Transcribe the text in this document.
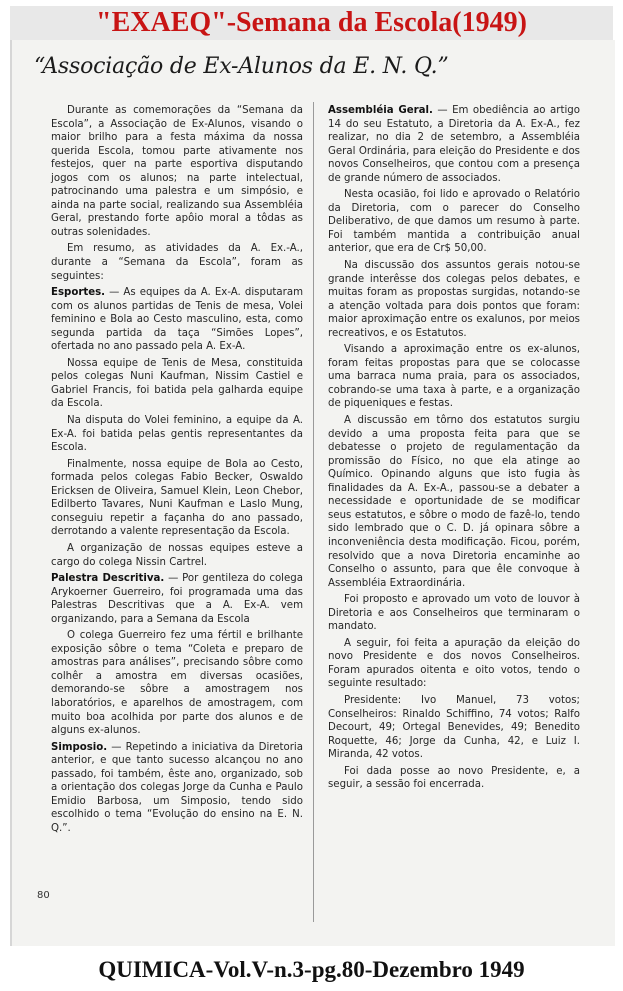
"EXAEQ"-Semana da Escola(1949)
“Associação de Ex-Alunos da E. N. Q.”

Durante as comemorações da “Semana da Escola”, a Associação de Ex-Alunos, visando o maior brilho para a festa máxima da nossa querida Escola, tomou parte ativamente nos festejos, quer na parte esportiva disputando jogos com os alunos; na parte intelectual, patrocinando uma palestra e um simpósio, e ainda na parte social, realizando sua Assembléia Geral, prestando forte apôio moral a tôdas as outras solenidades.

Em resumo, as atividades da A. Ex.-A., durante a “Semana da Escola”, foram as seguintes:

Esportes. — As equipes da A. Ex-A. disputaram com os alunos partidas de Tenis de mesa, Volei feminino e Bola ao Cesto masculino, esta, como segunda partida da taça “Simões Lopes”, ofertada no ano passado pela A. Ex-A.

Nossa equipe de Tenis de Mesa, constituida pelos colegas Nuni Kaufman, Nissim Castiel e Gabriel Francis, foi batida pela galharda equipe da Escola.

Na disputa do Volei feminino, a equipe da A. Ex-A. foi batida pelas gentis representantes da Escola.

Finalmente, nossa equipe de Bola ao Cesto, formada pelos colegas Fabio Becker, Oswaldo Ericksen de Oliveira, Samuel Klein, Leon Chebor, Edilberto Tavares, Nuni Kaufman e Laslo Mung, conseguiu repetir a façanha do ano passado, derrotando a valente representação da Escola.

A organização de nossas equipes esteve a cargo do colega Nissin Cartrel.

Palestra Descritiva. — Por gentileza do colega Arykoerner Guerreiro, foi programada uma das Palestras Descritivas que a A. Ex-A. vem organizando, para a Semana da Escola

O colega Guerreiro fez uma fértil e brilhante exposição sôbre o tema “Coleta e preparo de amostras para análises”, precisando sôbre como colhêr a amostra em diversas ocasiões, demorando-se sôbre a amostragem nos laboratórios, e aparelhos de amostragem, com muito boa acolhida por parte dos alunos e de alguns ex-alunos.

Simposio. — Repetindo a iniciativa da Diretoria anterior, e que tanto sucesso alcançou no ano passado, foi também, êste ano, organizado, sob a orientação dos colegas Jorge da Cunha e Paulo Emidio Barbosa, um Simposio, tendo sido escolhido o tema “Evolução do ensino na E. N. Q.”.

Assembléia Geral. — Em obediência ao artigo 14 do seu Estatuto, a Diretoria da A. Ex-A., fez realizar, no dia 2 de setembro, a Assembléia Geral Ordinária, para eleição do Presidente e dos novos Conselheiros, que contou com a presença de grande número de associados.

Nesta ocasião, foi lido e aprovado o Relatório da Diretoria, com o parecer do Conselho Deliberativo, de que damos um resumo à parte. Foi também mantida a contribuição anual anterior, que era de Cr$ 50,00.

Na discussão dos assuntos gerais notou-se grande interêsse dos colegas pelos debates, e muitas foram as propostas surgidas, notando-se a atenção voltada para dois pontos que foram: maior aproximação entre os exalunos, por meios recreativos, e os Estatutos.

Visando a aproximação entre os ex-alunos, foram feitas propostas para que se colocasse uma barraca numa praia, para os associados, cobrando-se uma taxa à parte, e a organização de piqueniques e festas.

A discussão em tôrno dos estatutos surgiu devido a uma proposta feita para que se debatesse o projeto de regulamentação da promissão do Físico, no que ela atinge ao Químico. Opinando alguns que isto fugia às finalidades da A. Ex-A., passou-se a debater a necessidade e oportunidade de se modificar seus estatutos, e sôbre o modo de fazê-lo, tendo sido lembrado que o C. D. já opinara sôbre a inconveniência desta modificação. Ficou, porém, resolvido que a nova Diretoria encaminhe ao Conselho o assunto, para que êle convoque à Assembléia Extraordinária.

Foi proposto e aprovado um voto de louvor à Diretoria e aos Conselheiros que terminaram o mandato.

A seguir, foi feita a apuração da eleição do novo Presidente e dos novos Conselheiros. Foram apurados oitenta e oito votos, tendo o seguinte resultado:

Presidente: Ivo Manuel, 73 votos; Conselheiros: Rinaldo Schiffino, 74 votos; Ralfo Decourt, 49; Ortegal Benevides, 49; Benedito Roquette, 46; Jorge da Cunha, 42, e Luiz I. Miranda, 42 votos.

Foi dada posse ao novo Presidente, e, a seguir, a sessão foi encerrada.

80
QUIMICA-Vol.V-n.3-pg.80-Dezembro 1949
